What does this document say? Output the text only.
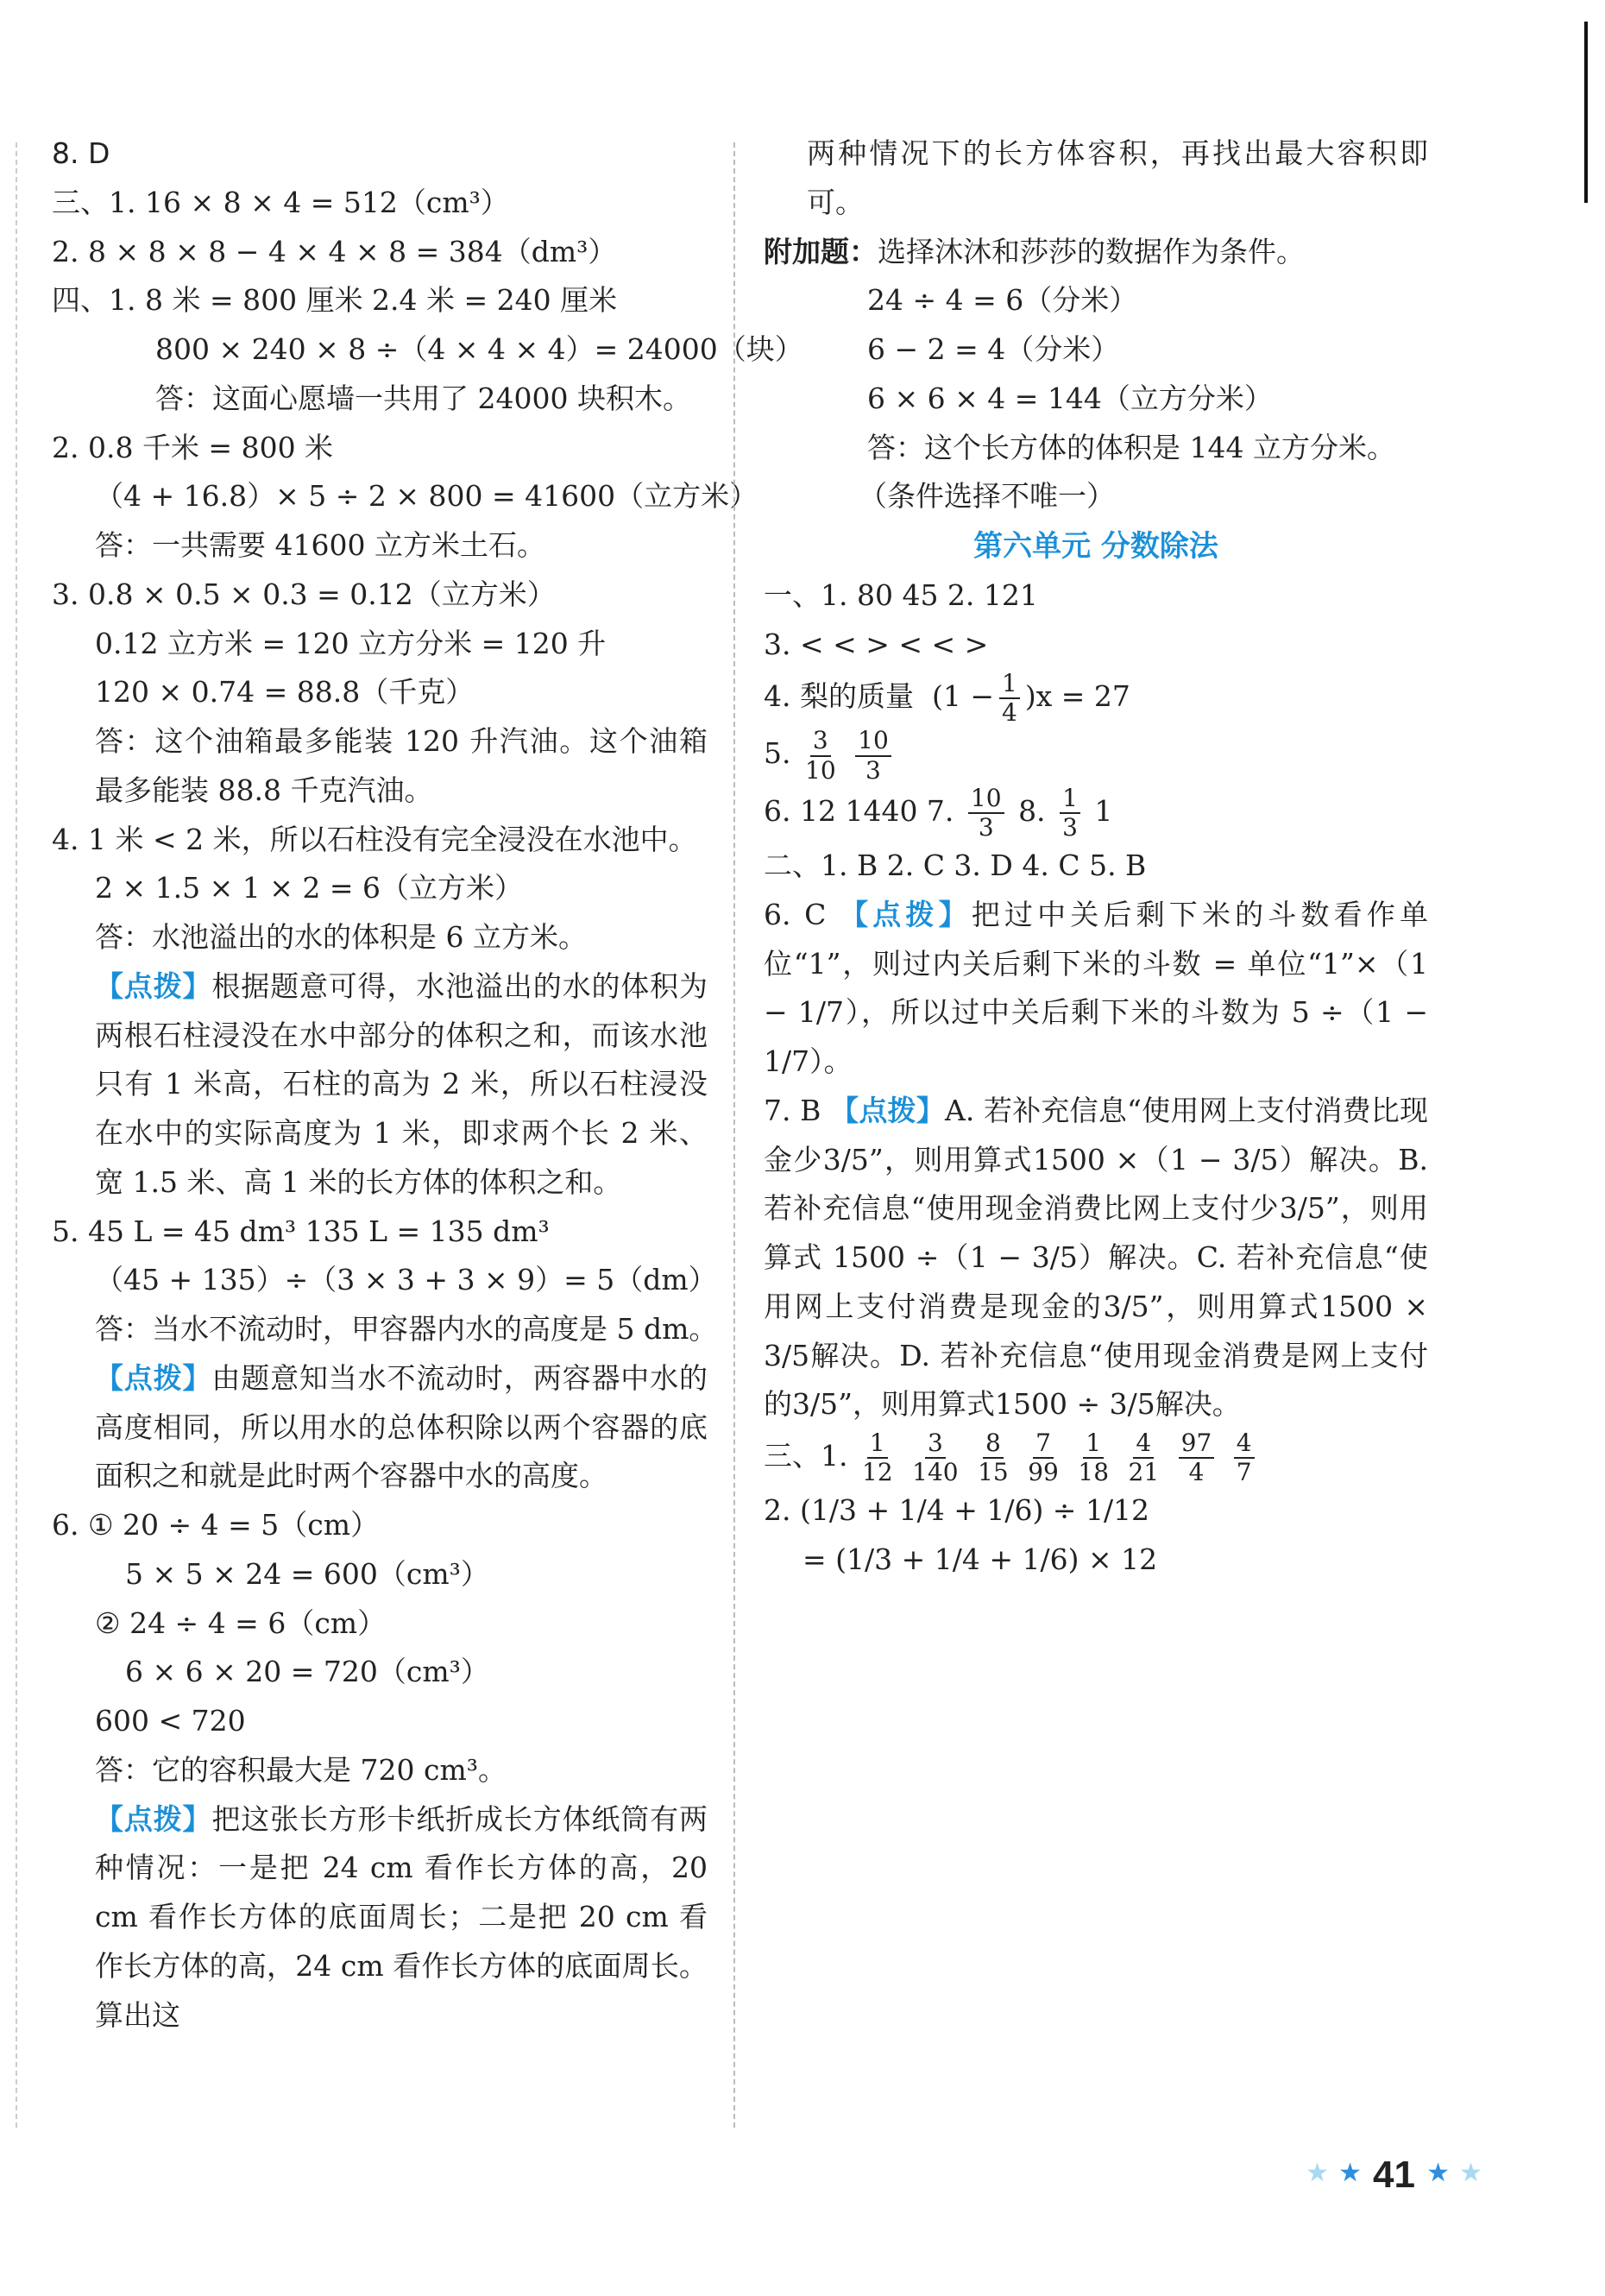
8. D
三、1. 16 × 8 × 4 = 512（cm³）
2. 8 × 8 × 8 − 4 × 4 × 8 = 384（dm³）
四、1. 8 米 = 800 厘米 2.4 米 = 240 厘米
800 × 240 × 8 ÷（4 × 4 × 4）= 24000（块）
答：这面心愿墙一共用了 24000 块积木。
2. 0.8 千米 = 800 米
（4 + 16.8）× 5 ÷ 2 × 800 = 41600（立方米）
答：一共需要 41600 立方米土石。
3. 0.8 × 0.5 × 0.3 = 0.12（立方米）
0.12 立方米 = 120 立方分米 = 120 升
120 × 0.74 = 88.8（千克）
答：这个油箱最多能装 120 升汽油。这个油箱最多能装 88.8 千克汽油。
4. 1 米 < 2 米，所以石柱没有完全浸没在水池中。
2 × 1.5 × 1 × 2 = 6（立方米）
答：水池溢出的水的体积是 6 立方米。
【点拨】根据题意可得，水池溢出的水的体积为两根石柱浸没在水中部分的体积之和，而该水池只有 1 米高，石柱的高为 2 米，所以石柱浸没在水中的实际高度为 1 米，即求两个长 2 米、宽 1.5 米、高 1 米的长方体的体积之和。
5. 45 L = 45 dm³ 135 L = 135 dm³
（45 + 135）÷（3 × 3 + 3 × 9）= 5（dm）
答：当水不流动时，甲容器内水的高度是 5 dm。
【点拨】由题意知当水不流动时，两容器中水的高度相同，所以用水的总体积除以两个容器的底面积之和就是此时两个容器中水的高度。
6. ① 20 ÷ 4 = 5（cm）
5 × 5 × 24 = 600（cm³）
② 24 ÷ 4 = 6（cm）
6 × 6 × 20 = 720（cm³）
600 < 720
答：它的容积最大是 720 cm³。
【点拨】把这张长方形卡纸折成长方体纸筒有两种情况：一是把 24 cm 看作长方体的高，20 cm 看作长方体的底面周长；二是把 20 cm 看作长方体的高，24 cm 看作长方体的底面周长。算出这
两种情况下的长方体容积，再找出最大容积即可。
附加题：选择沐沐和莎莎的数据作为条件。
24 ÷ 4 = 6（分米）
6 − 2 = 4（分米）
6 × 6 × 4 = 144（立方分米）
答：这个长方体的体积是 144 立方分米。
（条件选择不唯一）
第六单元 分数除法
一、1. 80 45 2. 121
3. < < > < < >
4. 梨的质量 $(1 - \frac{1}{4} )x = 27$
5. $\frac{3}{10}$
$\frac{10}{3}$
6. 12 1440 7. $\frac{10}{3} 8$. $\frac{1}{3} 1$
二、1. B 2. C 3. D 4. C 5. B
6. C 【点拨】把过中关后剩下米的斗数看作单位“1”，则过内关后剩下米的斗数 = 单位“1”×（1 − 1/7），所以过中关后剩下米的斗数为 5 ÷（1 − 1/7）。
7. B 【点拨】A. 若补充信息“使用网上支付消费比现金少3/5”，则用算式1500 ×（1 − 3/5）解决。B. 若补充信息“使用现金消费比网上支付少3/5”，则用算式 1500 ÷（1 − 3/5）解决。C. 若补充信息“使用网上支付消费是现金的3/5”，则用算式1500 × 3/5解决。D. 若补充信息“使用现金消费是网上支付的3/5”，则用算式1500 ÷ 3/5解决。
三、1. $\frac{1}{12}$
$\frac{3}{140}$
$\frac{8}{15}$
$\frac{7}{99}$
$\frac{1}{18}$
$\frac{4}{21}$
$\frac{97}{4}$
$\frac{4}{7}$
2. (1/3 + 1/4 + 1/6) ÷ 1/12
= (1/3 + 1/4 + 1/6) × 12
★ ★ 41 ★ ★
